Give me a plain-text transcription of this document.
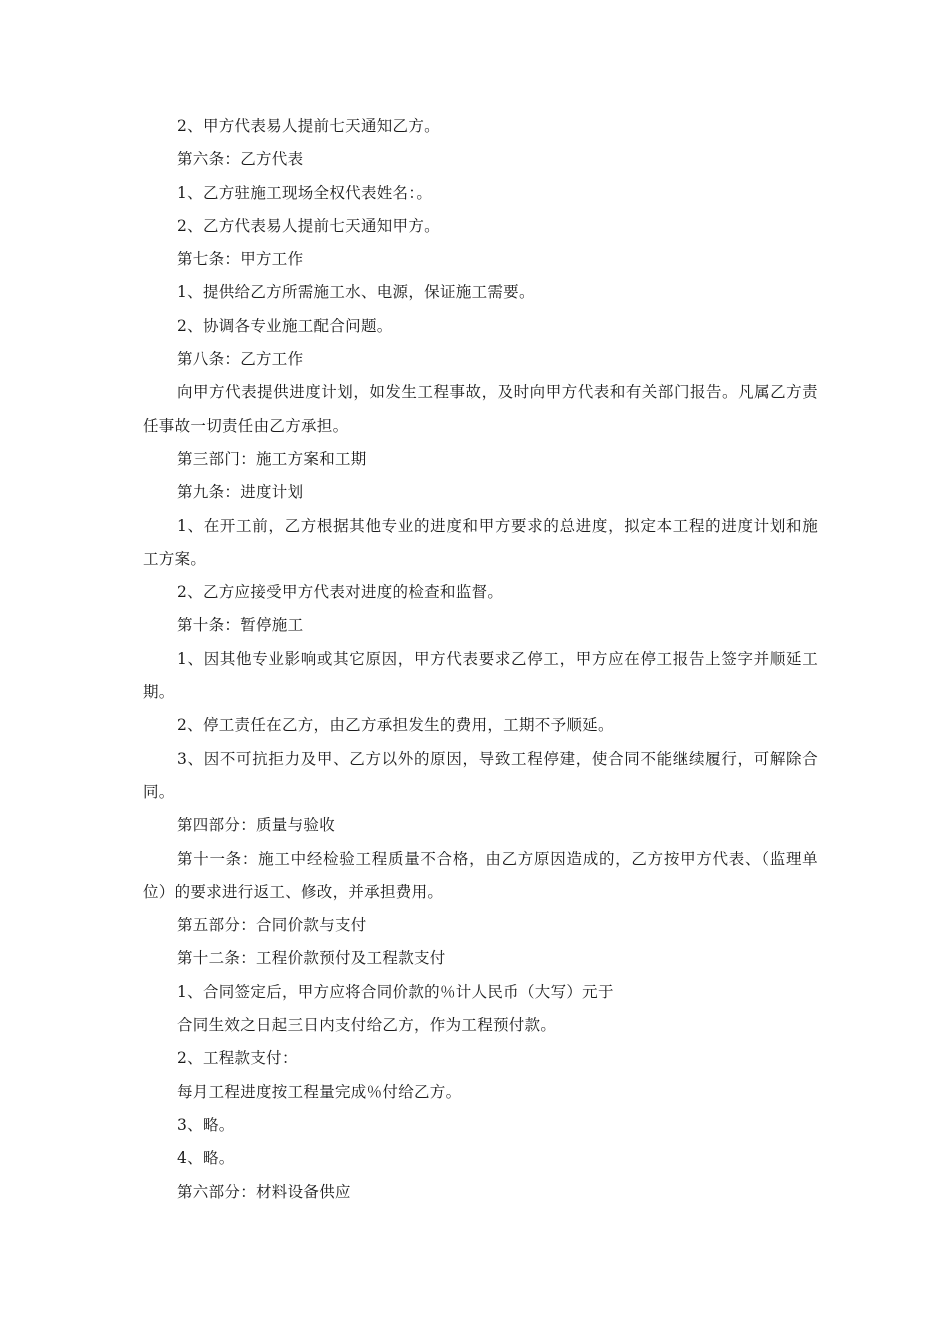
2、甲方代表易人提前七天通知乙方。

第六条：乙方代表

1、乙方驻施工现场全权代表姓名：。

2、乙方代表易人提前七天通知甲方。

第七条：甲方工作

1、提供给乙方所需施工水、电源，保证施工需要。

2、协调各专业施工配合问题。

第八条：乙方工作

向甲方代表提供进度计划，如发生工程事故，及时向甲方代表和有关部门报告。凡属乙方责任事故一切责任由乙方承担。

第三部门：施工方案和工期

第九条：进度计划

1、在开工前，乙方根据其他专业的进度和甲方要求的总进度，拟定本工程的进度计划和施工方案。

2、乙方应接受甲方代表对进度的检查和监督。

第十条：暂停施工

1、因其他专业影响或其它原因，甲方代表要求乙停工，甲方应在停工报告上签字并顺延工期。

2、停工责任在乙方，由乙方承担发生的费用，工期不予顺延。

3、因不可抗拒力及甲、乙方以外的原因，导致工程停建，使合同不能继续履行，可解除合同。

第四部分：质量与验收

第十一条：施工中经检验工程质量不合格，由乙方原因造成的，乙方按甲方代表、（监理单位）的要求进行返工、修改，并承担费用。

第五部分：合同价款与支付

第十二条：工程价款预付及工程款支付

1、合同签定后，甲方应将合同价款的％计人民币（大写）元于

合同生效之日起三日内支付给乙方，作为工程预付款。

2、工程款支付：

每月工程进度按工程量完成％付给乙方。

3、略。

4、略。

第六部分：材料设备供应
